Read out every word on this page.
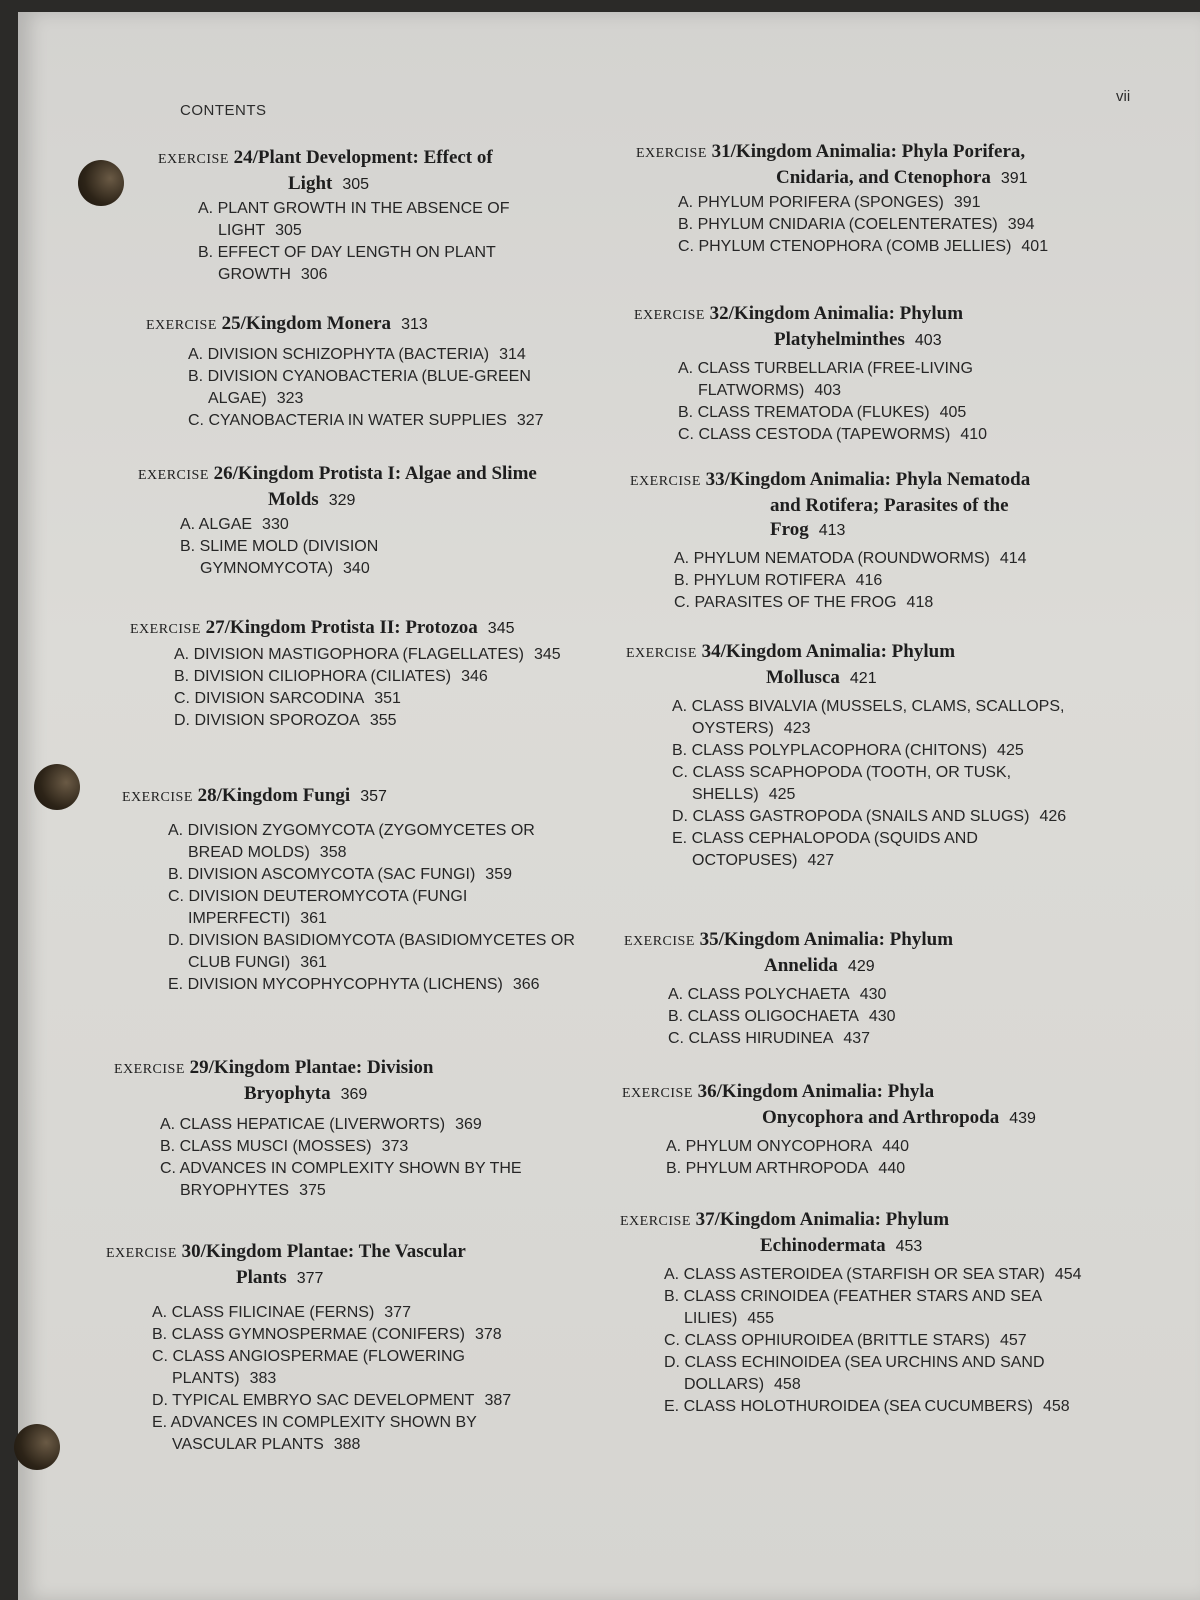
CONTENTS
vii
EXERCISE 24/Plant Development: Effect of
Light 305
A. PLANT GROWTH IN THE ABSENCE OF LIGHT 305
B. EFFECT OF DAY LENGTH ON PLANT GROWTH 306
EXERCISE 25/Kingdom Monera 313
A. DIVISION SCHIZOPHYTA (BACTERIA) 314
B. DIVISION CYANOBACTERIA (BLUE-GREEN ALGAE) 323
C. CYANOBACTERIA IN WATER SUPPLIES 327
EXERCISE 26/Kingdom Protista I: Algae and Slime
Molds 329
A. ALGAE 330
B. SLIME MOLD (DIVISION GYMNOMYCOTA) 340
EXERCISE 27/Kingdom Protista II: Protozoa 345
A. DIVISION MASTIGOPHORA (FLAGELLATES) 345
B. DIVISION CILIOPHORA (CILIATES) 346
C. DIVISION SARCODINA 351
D. DIVISION SPOROZOA 355
EXERCISE 28/Kingdom Fungi 357
A. DIVISION ZYGOMYCOTA (ZYGOMYCETES OR BREAD MOLDS) 358
B. DIVISION ASCOMYCOTA (SAC FUNGI) 359
C. DIVISION DEUTEROMYCOTA (FUNGI IMPERFECTI) 361
D. DIVISION BASIDIOMYCOTA (BASIDIOMYCETES OR CLUB FUNGI) 361
E. DIVISION MYCOPHYCOPHYTA (LICHENS) 366
EXERCISE 29/Kingdom Plantae: Division
Bryophyta 369
A. CLASS HEPATICAE (LIVERWORTS) 369
B. CLASS MUSCI (MOSSES) 373
C. ADVANCES IN COMPLEXITY SHOWN BY THE BRYOPHYTES 375
EXERCISE 30/Kingdom Plantae: The Vascular
Plants 377
A. CLASS FILICINAE (FERNS) 377
B. CLASS GYMNOSPERMAE (CONIFERS) 378
C. CLASS ANGIOSPERMAE (FLOWERING PLANTS) 383
D. TYPICAL EMBRYO SAC DEVELOPMENT 387
E. ADVANCES IN COMPLEXITY SHOWN BY VASCULAR PLANTS 388
EXERCISE 31/Kingdom Animalia: Phyla Porifera,
Cnidaria, and Ctenophora 391
A. PHYLUM PORIFERA (SPONGES) 391
B. PHYLUM CNIDARIA (COELENTERATES) 394
C. PHYLUM CTENOPHORA (COMB JELLIES) 401
EXERCISE 32/Kingdom Animalia: Phylum
Platyhelminthes 403
A. CLASS TURBELLARIA (FREE-LIVING FLATWORMS) 403
B. CLASS TREMATODA (FLUKES) 405
C. CLASS CESTODA (TAPEWORMS) 410
EXERCISE 33/Kingdom Animalia: Phyla Nematoda
and Rotifera; Parasites of the
Frog 413
A. PHYLUM NEMATODA (ROUNDWORMS) 414
B. PHYLUM ROTIFERA 416
C. PARASITES OF THE FROG 418
EXERCISE 34/Kingdom Animalia: Phylum
Mollusca 421
A. CLASS BIVALVIA (MUSSELS, CLAMS, SCALLOPS, OYSTERS) 423
B. CLASS POLYPLACOPHORA (CHITONS) 425
C. CLASS SCAPHOPODA (TOOTH, OR TUSK, SHELLS) 425
D. CLASS GASTROPODA (SNAILS AND SLUGS) 426
E. CLASS CEPHALOPODA (SQUIDS AND OCTOPUSES) 427
EXERCISE 35/Kingdom Animalia: Phylum
Annelida 429
A. CLASS POLYCHAETA 430
B. CLASS OLIGOCHAETA 430
C. CLASS HIRUDINEA 437
EXERCISE 36/Kingdom Animalia: Phyla
Onycophora and Arthropoda 439
A. PHYLUM ONYCOPHORA 440
B. PHYLUM ARTHROPODA 440
EXERCISE 37/Kingdom Animalia: Phylum
Echinodermata 453
A. CLASS ASTEROIDEA (STARFISH OR SEA STAR) 454
B. CLASS CRINOIDEA (FEATHER STARS AND SEA LILIES) 455
C. CLASS OPHIUROIDEA (BRITTLE STARS) 457
D. CLASS ECHINOIDEA (SEA URCHINS AND SAND DOLLARS) 458
E. CLASS HOLOTHUROIDEA (SEA CUCUMBERS) 458
